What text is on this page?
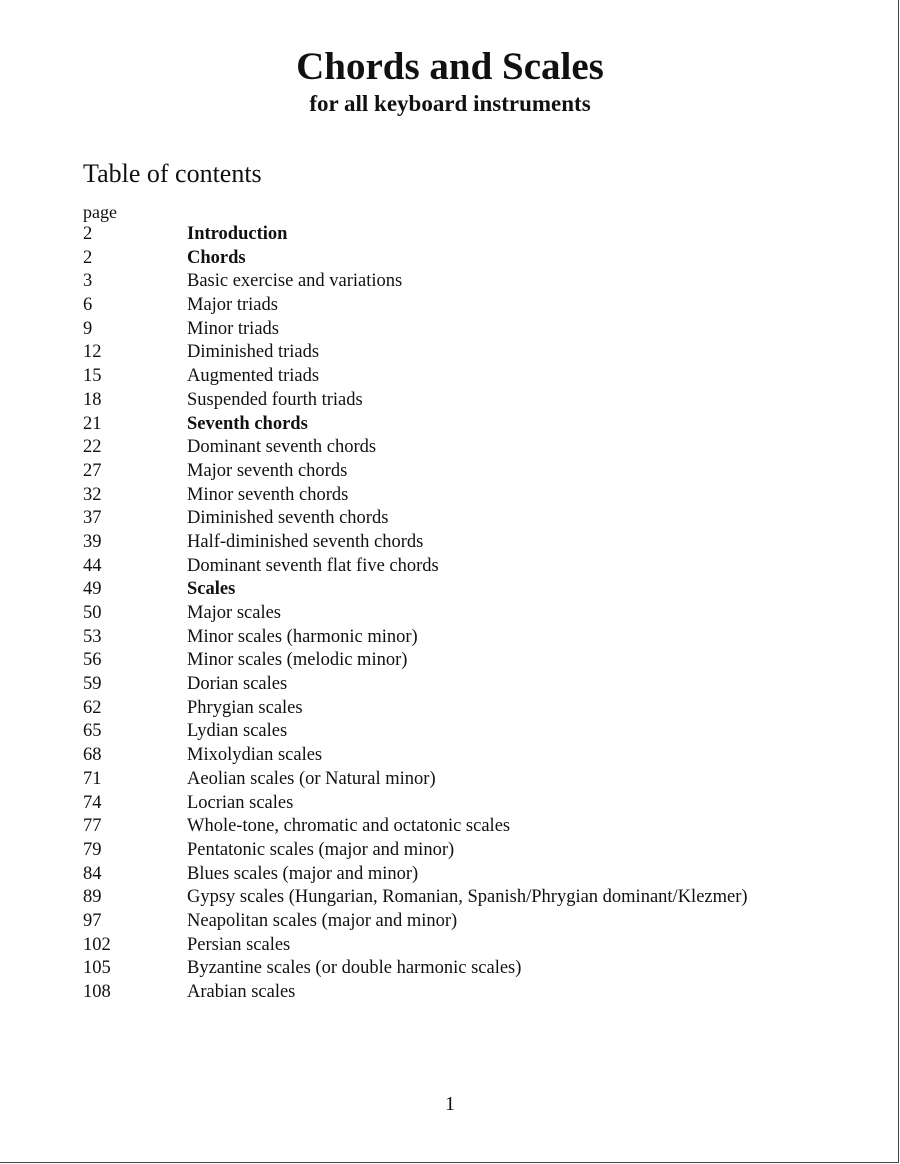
Chords and Scales
for all keyboard instruments
Table of contents
page
2	Introduction
2	Chords
3	Basic exercise and variations
6	Major triads
9	Minor triads
12	Diminished triads
15	Augmented triads
18	Suspended fourth triads
21	Seventh chords
22	Dominant seventh chords
27	Major seventh chords
32	Minor seventh chords
37	Diminished seventh chords
39	Half-diminished seventh chords
44	Dominant seventh flat five chords
49	Scales
50	Major scales
53	Minor scales (harmonic minor)
56	Minor scales (melodic minor)
59	Dorian scales
62	Phrygian scales
65	Lydian scales
68	Mixolydian scales
71	Aeolian scales (or Natural minor)
74	Locrian scales
77	Whole-tone, chromatic and octatonic scales
79	Pentatonic scales (major and minor)
84	Blues scales (major and minor)
89	Gypsy scales (Hungarian, Romanian, Spanish/Phrygian dominant/Klezmer)
97	Neapolitan scales (major and minor)
102	Persian scales
105	Byzantine scales (or double harmonic scales)
108	Arabian scales
1
